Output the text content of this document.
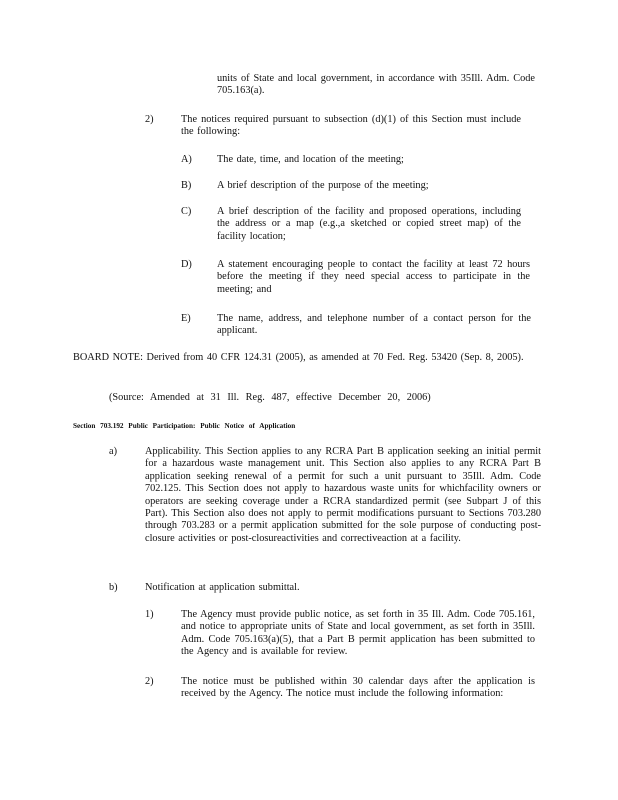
units of State and local government, in accordance with 35Ill. Adm. Code 705.163(a).

2)	The notices required pursuant to subsection (d)(1) of this Section must include the following:

A) The date, time, and location of the meeting;

B) A brief description of the purpose of the meeting;

C) A brief description of the facility and proposed operations, including the address or a map (e.g.,a sketched or copied street map) of the facility location;

D) A statement encouraging people to contact the facility at least 72 hours before the meeting if they need special access to participate in the meeting; and

E)	The name, address, and telephone number of a contact person for the applicant.

BOARD NOTE: Derived from 40 CFR 124.31 (2005), as amended at 70 Fed. Reg. 53420 (Sep. 8, 2005).

(Source: Amended at 31 Ill. Reg. 487, effective December 20, 2006)

Section 703.192 Public Participation: Public Notice of Application

a)	Applicability. This Section applies to any RCRA Part B application seeking an initial permit for a hazardous waste management unit. This Section also applies to any RCRA Part B application seeking renewal of a permit for such a unit pursuant to 35Ill. Adm. Code 702.125. This Section does not apply to hazardous waste units for whichfacility owners or operators are seeking coverage under a RCRA standardized permit (see Subpart J of this Part). This Section also does not apply to permit modifications pursuant to Sections 703.280 through 703.283 or a permit application submitted for the sole purpose of conducting post-closure activities or post-closureactivities and correctiveaction at a facility.

b)	Notification at application submittal.

1)	The Agency must provide public notice, as set forth in 35 Ill. Adm. Code 705.161, and notice to appropriate units of State and local government, as set forth in 35Ill. Adm. Code 705.163(a)(5), that a Part B permit application has been submitted to the Agency and is available for review.

2)	The notice must be published within 30 calendar days after the application is received by the Agency. The notice must include the following information:
